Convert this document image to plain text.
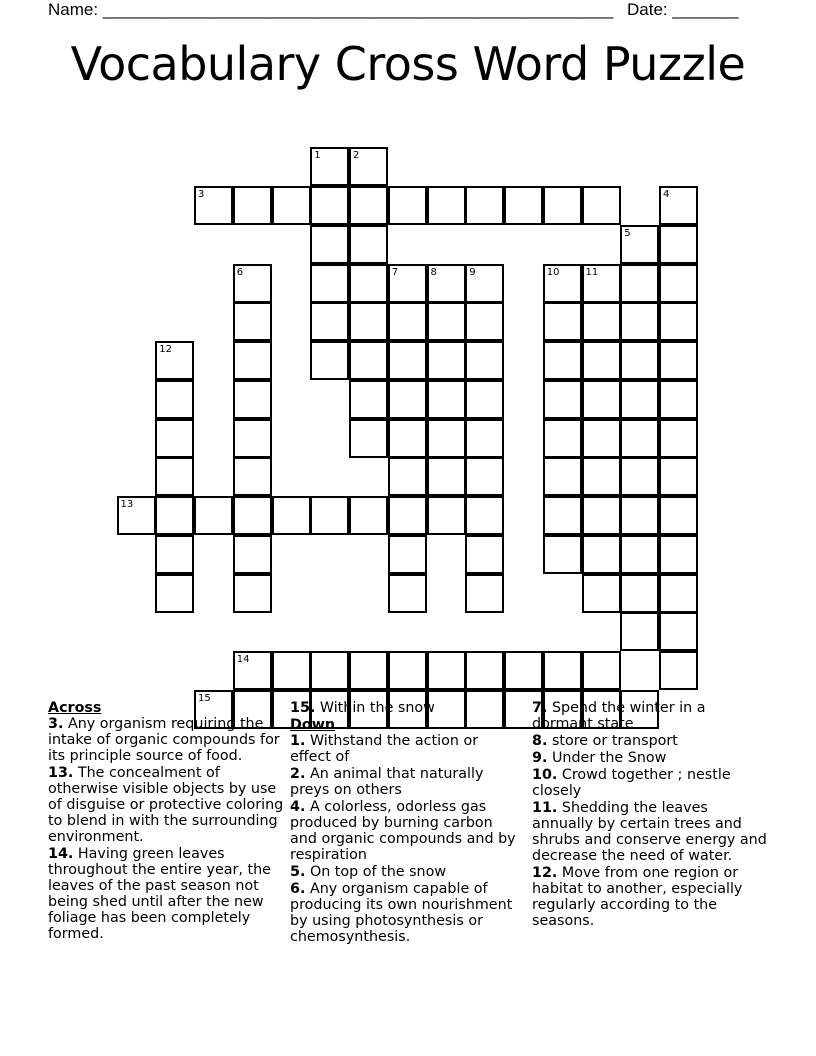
Name: ______________________________________________________ Date: _______
Vocabulary Cross Word Puzzle
1	2
3	4
5
6	7	8	9	10	11
12
13
14
15

Across

3. Any organism requiring the intake of organic compounds for its principle source of food.

13. The concealment of otherwise visible objects by use of disguise or protective coloring to blend in with the surrounding environment.

14. Having green leaves throughout the entire year, the leaves of the past season not being shed until after the new foliage has been completely formed.

15. Within the snow

Down

1. Withstand the action or effect of

2. An animal that naturally preys on others

4. A colorless, odorless gas produced by burning carbon and organic compounds and by respiration

5. On top of the snow

6. Any organism capable of producing its own nourishment by using photosynthesis or chemosynthesis.

7. Spend the winter in a dormant state

8. store or transport

9. Under the Snow

10. Crowd together ; nestle closely

11. Shedding the leaves annually by certain trees and shrubs and conserve energy and decrease the need of water.

12. Move from one region or habitat to another, especially regularly according to the seasons.
